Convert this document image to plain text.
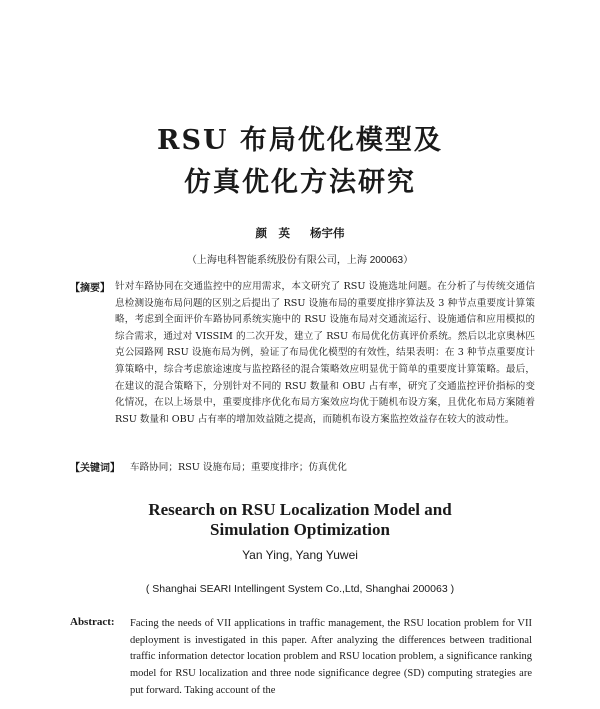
RSU 布局优化模型及
仿真优化方法研究
颜　英 杨宇伟
（上海电科智能系统股份有限公司，上海 200063）
【摘要】 针对车路协同在交通监控中的应用需求，本文研究了 RSU 设施选址问题。在分析了与传统交通信息检测设施布局问题的区别之后提出了 RSU 设施布局的重要度排序算法及 3 种节点重要度计算策略，考虑到全面评价车路协同系统实施中的 RSU 设施布局对交通流运行、设施通信和应用模拟的综合需求，通过对 VISSIM 的二次开发，建立了 RSU 布局优化仿真评价系统。然后以北京奥林匹克公园路网 RSU 设施布局为例，验证了布局优化模型的有效性，结果表明：在 3 种节点重要度计算策略中，综合考虑旅途速度与监控路径的混合策略效应明显优于简单的重要度计算策略。最后，在建议的混合策略下，分别针对不同的 RSU 数量和 OBU 占有率，研究了交通监控评价指标的变化情况，在以上场景中，重要度排序优化布局方案效应均优于随机布设方案，且优化布局方案随着 RSU 数量和 OBU 占有率的增加效益随之提高，而随机布设方案监控效益存在较大的波动性。
【关键词】 车路协同；RSU 设施布局；重要度排序；仿真优化
Research on RSU Localization Model and
Simulation Optimization
Yan Ying, Yang Yuwei
( Shanghai SEARI Intellingent System Co.,Ltd, Shanghai 200063 )
Abstract: Facing the needs of VII applications in traffic management, the RSU location problem for VII deployment is investigated in this paper. After analyzing the differences between traditional traffic information detector location problem and RSU location problem, a significance ranking model for RSU localization and three node significance degree (SD) computing strategies are put forward. Taking account of the
